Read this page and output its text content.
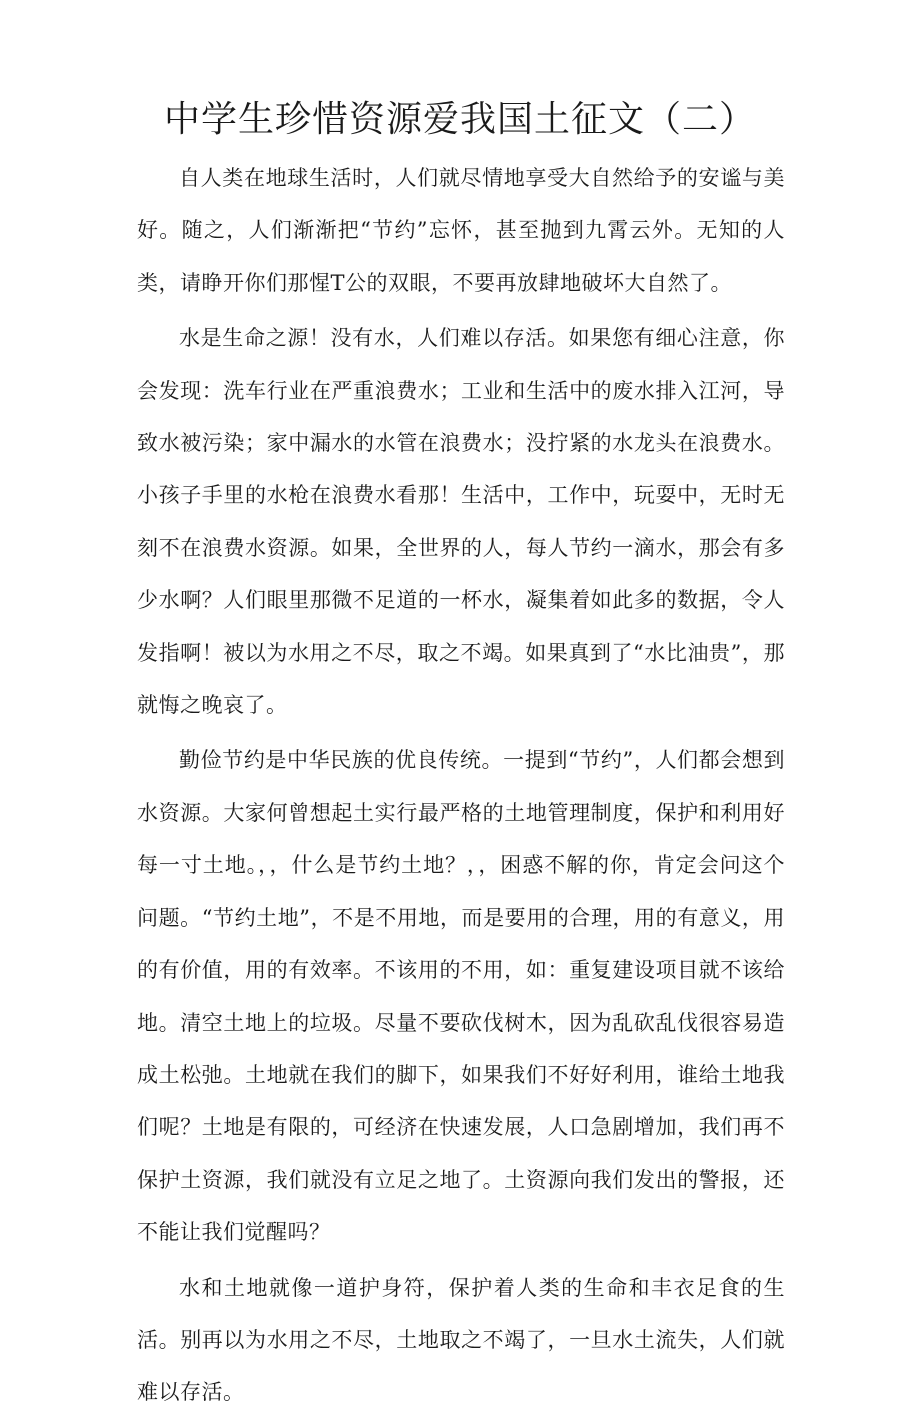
中学生珍惜资源爱我国土征文（二）

自人类在地球生活时，人们就尽情地享受大自然给予的安谧与美好。随之，人们渐渐把“节约”忘怀，甚至抛到九霄云外。无知的人类，请睁开你们那惺T公的双眼，不要再放肆地破坏大自然了。

水是生命之源！没有水，人们难以存活。如果您有细心注意，你会发现：洗车行业在严重浪费水；工业和生活中的废水排入江河，导致水被污染；家中漏水的水管在浪费水；没拧紧的水龙头在浪费水。小孩子手里的水枪在浪费水看那！生活中，工作中，玩耍中，无时无刻不在浪费水资源。如果，全世界的人，每人节约一滴水，那会有多少水啊？人们眼里那微不足道的一杯水，凝集着如此多的数据，令人发指啊！被以为水用之不尽，取之不竭。如果真到了“水比油贵”，那就悔之晚哀了。

勤俭节约是中华民族的优良传统。一提到“节约”，人们都会想到水资源。大家何曾想起土实行最严格的土地管理制度，保护和利用好每一寸土地。，，什么是节约土地？，，困惑不解的你，肯定会问这个问题。“节约土地”，不是不用地，而是要用的合理，用的有意义，用的有价值，用的有效率。不该用的不用，如：重复建设项目就不该给地。清空土地上的垃圾。尽量不要砍伐树木，因为乱砍乱伐很容易造成土松弛。土地就在我们的脚下，如果我们不好好利用，谁给土地我们呢？土地是有限的，可经济在快速发展，人口急剧增加，我们再不保护土资源，我们就没有立足之地了。土资源向我们发出的警报，还不能让我们觉醒吗？

水和土地就像一道护身符，保护着人类的生命和丰衣足食的生活。别再以为水用之不尽，土地取之不竭了，一旦水土流失，人们就难以存活。
